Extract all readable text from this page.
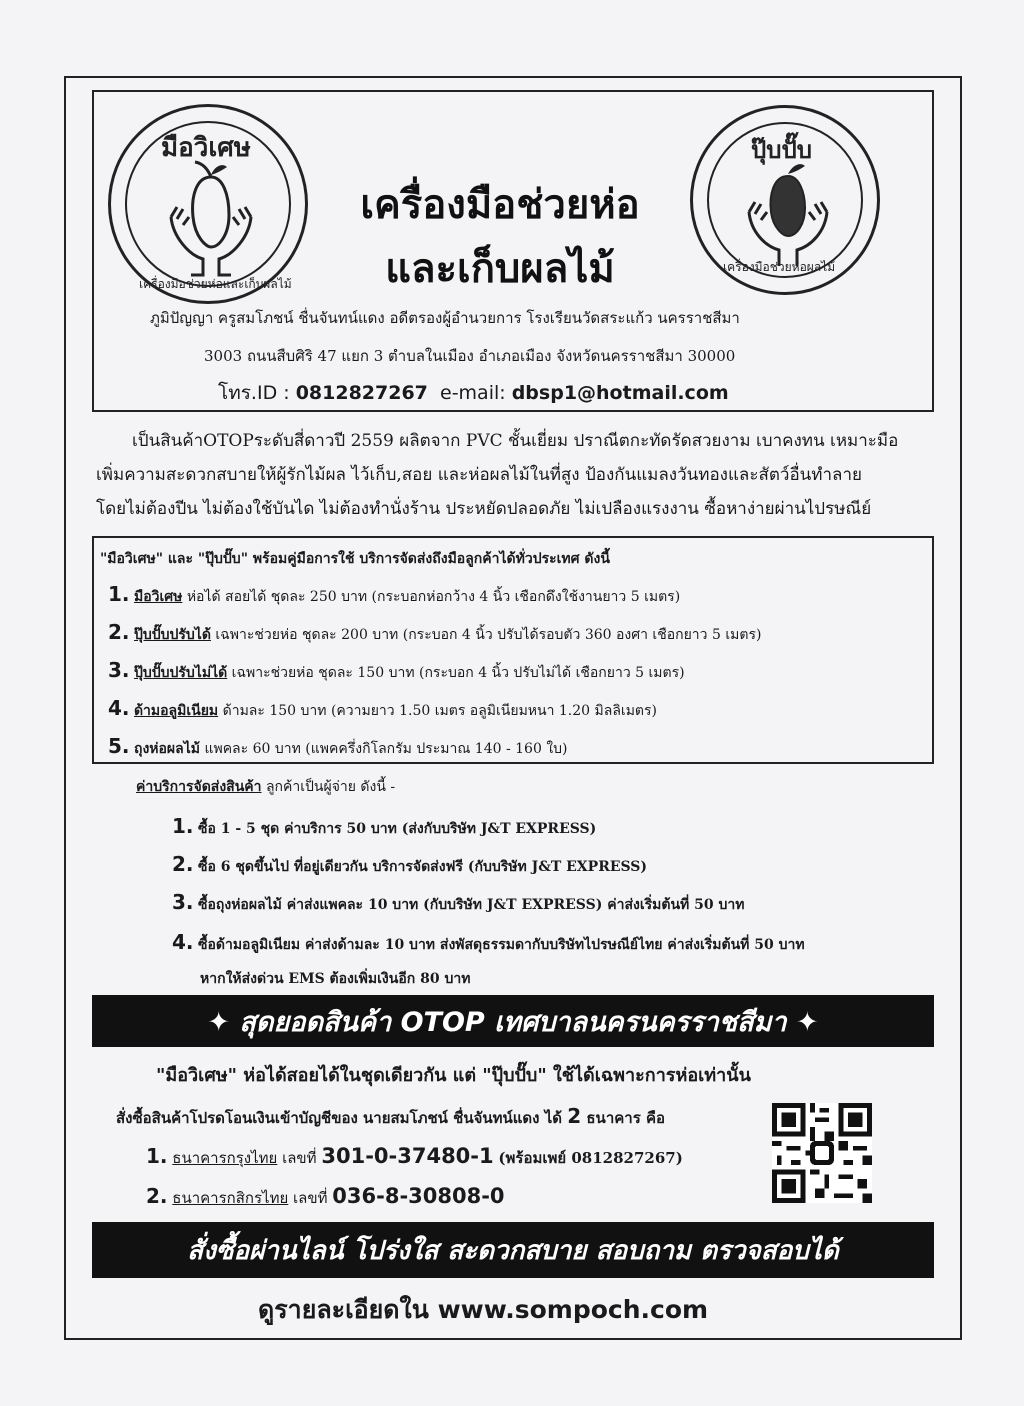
มือวิเศษ
เครื่องมือช่วยห่อและเก็บผลไม้
ปุ๊บปั๊บ
เครื่องมือช่วยห่อผลไม้
เครื่องมือช่วยห่อ
และเก็บผลไม้
ภูมิปัญญา ครูสมโภชน์ ชื่นจันทน์แดง อดีตรองผู้อำนวยการ โรงเรียนวัดสระแก้ว นครราชสีมา
3003 ถนนสืบศิริ 47 แยก 3 ตำบลในเมือง อำเภอเมือง จังหวัดนครราชสีมา 30000
โทร.ID : 0812827267 e-mail: dbsp1@hotmail.com
เป็นสินค้าOTOPระดับสี่ดาวปี 2559 ผลิตจาก PVC ชั้นเยี่ยม ปราณีตกะทัดรัดสวยงาม เบาคงทน เหมาะมือ
เพิ่มความสะดวกสบายให้ผู้รักไม้ผล ไว้เก็บ,สอย และห่อผลไม้ในที่สูง ป้องกันแมลงวันทองและสัตว์อื่นทำลาย
โดยไม่ต้องปีน ไม่ต้องใช้บันได ไม่ต้องทำนั่งร้าน ประหยัดปลอดภัย ไม่เปลืองแรงงาน ซื้อหาง่ายผ่านไปรษณีย์
"มือวิเศษ" และ "ปุ๊บปั๊บ" พร้อมคู่มือการใช้ บริการจัดส่งถึงมือลูกค้าได้ทั่วประเทศ ดังนี้
1. มือวิเศษ ห่อได้ สอยได้ ชุดละ 250 บาท (กระบอกห่อกว้าง 4 นิ้ว เชือกดึงใช้งานยาว 5 เมตร)
2. ปุ๊บปั๊บปรับได้ เฉพาะช่วยห่อ ชุดละ 200 บาท (กระบอก 4 นิ้ว ปรับได้รอบตัว 360 องศา เชือกยาว 5 เมตร)
3. ปุ๊บปั๊บปรับไม่ได้ เฉพาะช่วยห่อ ชุดละ 150 บาท (กระบอก 4 นิ้ว ปรับไม่ได้ เชือกยาว 5 เมตร)
4. ด้ามอลูมิเนียม ด้ามละ 150 บาท (ความยาว 1.50 เมตร อลูมิเนียมหนา 1.20 มิลลิเมตร)
5. ถุงห่อผลไม้ แพคละ 60 บาท (แพคครึ่งกิโลกรัม ประมาณ 140 - 160 ใบ)
ค่าบริการจัดส่งสินค้า ลูกค้าเป็นผู้จ่าย ดังนี้ -
1. ซื้อ 1 - 5 ชุด ค่าบริการ 50 บาท (ส่งกับบริษัท J&T EXPRESS)
2. ซื้อ 6 ชุดขึ้นไป ที่อยู่เดียวกัน บริการจัดส่งฟรี (กับบริษัท J&T EXPRESS)
3. ซื้อถุงห่อผลไม้ ค่าส่งแพคละ 10 บาท (กับบริษัท J&T EXPRESS) ค่าส่งเริ่มต้นที่ 50 บาท
4. ซื้อด้ามอลูมิเนียม ค่าส่งด้ามละ 10 บาท ส่งพัสดุธรรมดากับบริษัทไปรษณีย์ไทย ค่าส่งเริ่มต้นที่ 50 บาท
หากให้ส่งด่วน EMS ต้องเพิ่มเงินอีก 80 บาท
✦ สุดยอดสินค้า OTOP เทศบาลนครนครราชสีมา ✦
"มือวิเศษ" ห่อได้สอยได้ในชุดเดียวกัน แต่ "ปุ๊บปั๊บ" ใช้ได้เฉพาะการห่อเท่านั้น
สั่งซื้อสินค้าโปรดโอนเงินเข้าบัญชีของ นายสมโภชน์ ชื่นจันทน์แดง ได้ 2 ธนาคาร คือ
1. ธนาคารกรุงไทย เลขที่ 301-0-37480-1 (พร้อมเพย์ 0812827267)
2. ธนาคารกสิกรไทย เลขที่ 036-8-30808-0
สั่งซื้อผ่านไลน์ โปร่งใส สะดวกสบาย สอบถาม ตรวจสอบได้
ดูรายละเอียดใน www.sompoch.com
